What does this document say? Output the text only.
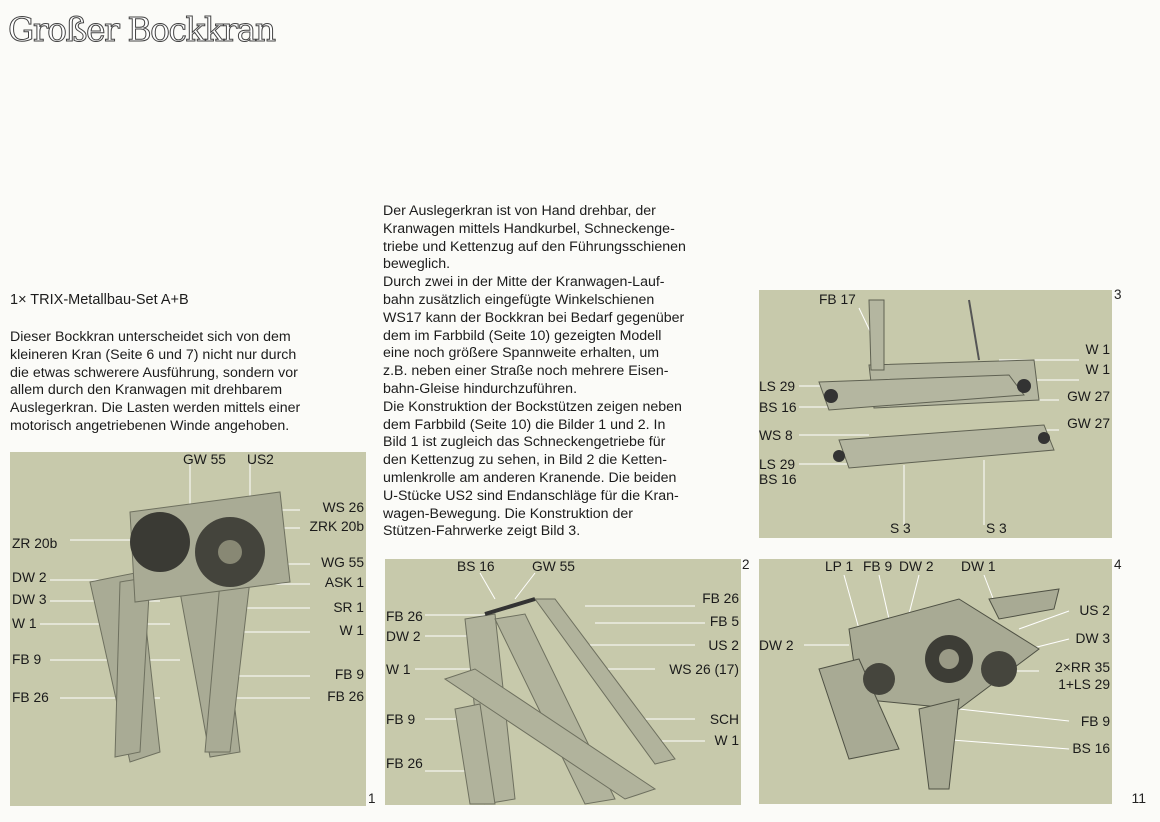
Großer Bockkran

1× TRIX-Metallbau-Set A+B

Dieser Bockkran unterscheidet sich von dem
kleineren Kran (Seite 6 und 7) nicht nur durch
die etwas schwerere Ausführung, sondern vor
allem durch den Kranwagen mit drehbarem
Auslegerkran. Die Lasten werden mittels einer
motorisch angetriebenen Winde angehoben.

Der Auslegerkran ist von Hand drehbar, der
Kranwagen mittels Handkurbel, Schneckenge-
triebe und Kettenzug auf den Führungsschienen
beweglich.
Durch zwei in der Mitte der Kranwagen-Lauf-
bahn zusätzlich eingefügte Winkelschienen
WS17 kann der Bockkran bei Bedarf gegenüber
dem im Farbbild (Seite 10) gezeigten Modell
eine noch größere Spannweite erhalten, um
z.B. neben einer Straße noch mehrere Eisen-
bahn-Gleise hindurchzuführen.
Die Konstruktion der Bockstützen zeigen neben
dem Farbbild (Seite 10) die Bilder 1 und 2. In
Bild 1 ist zugleich das Schneckengetriebe für
den Kettenzug zu sehen, in Bild 2 die Ketten-
umlenkrolle am anderen Kranende. Die beiden
U-Stücke US2 sind Endanschläge für die Kran-
wagen-Bewegung. Die Konstruktion der
Stützen-Fahrwerke zeigt Bild 3.

GW 55 US2
ZR 20b
DW 2
DW 3
W 1
FB 9
FB 26
WS 26
ZRK 20b
WG 55
ASK 1
SR 1
W 1
FB 9
FB 26
1
BS 16	GW 55
FB 26
DW 2
W 1
FB 9
FB 26
FB 26
FB 5
US 2
WS 26 (17)
SCH
W 1
2
FB 17
LS 29
BS 16
WS 8
LS 29
BS 16
W 1
W 1
GW 27
GW 27
S 3	S 3
3
LP 1 FB 9 DW 2 DW 1
DW 2
US 2
DW 3
2×RR 35
1+LS 29
FB 9
BS 16
4
11
